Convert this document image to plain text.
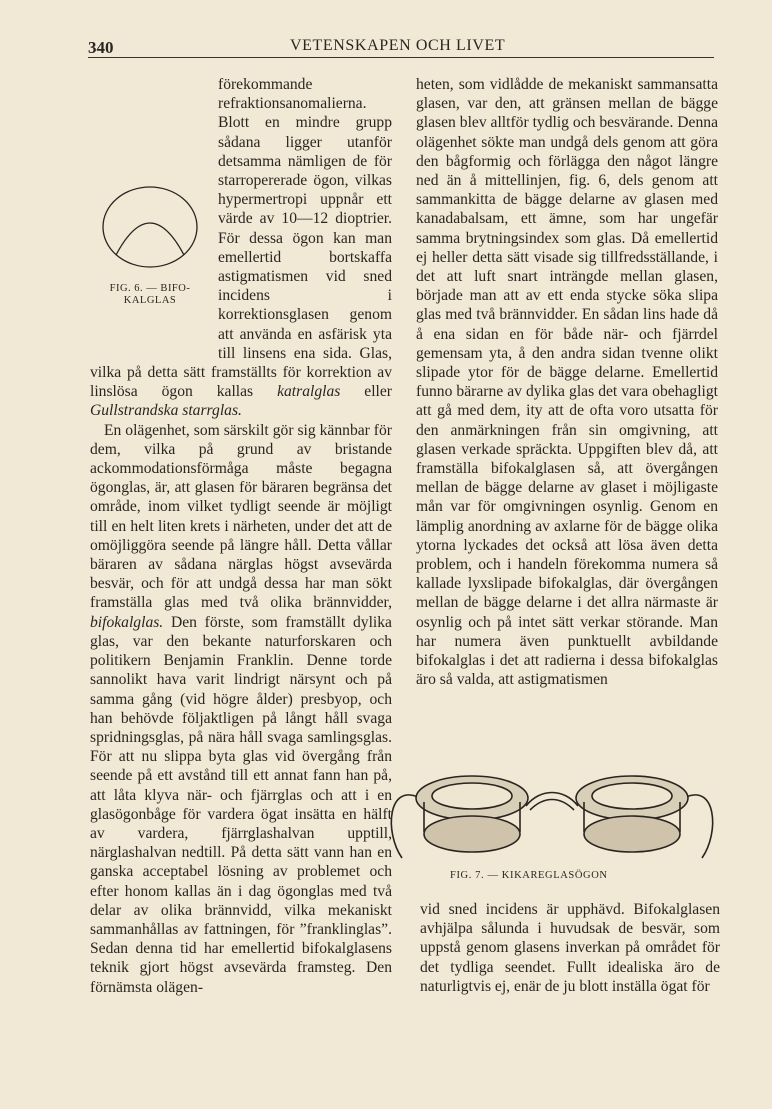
340	VETENSKAPEN OCH LIVET

FIG. 6. — BIFO-
KALGLAS
förekommande refraktionsanomalierna. Blott en mindre grupp sådana ligger utanför detsamma nämligen de för starropererade ögon, vilkas hypermertropi uppnår ett värde av 10—12 dioptrier. För dessa ögon kan man emellertid bortskaffa astigmatismen vid sned incidens i korrektionsglasen genom att använda en asfärisk yta till linsens ena sida. Glas, vilka på detta sätt framställts för korrektion av linslösa ögon kallas katralglas eller Gullstrandska starrglas.

En olägenhet, som särskilt gör sig kännbar för dem, vilka på grund av bristande ackommodationsförmåga måste begagna ögonglas, är, att glasen för bäraren begränsa det område, inom vilket tydligt seende är möjligt till en helt liten krets i närheten, under det att de omöjliggöra seende på längre håll. Detta vållar bäraren av sådana närglas högst avsevärda besvär, och för att undgå dessa har man sökt framställa glas med två olika brännvidder, bifokalglas. Den förste, som framställt dylika glas, var den bekante naturforskaren och politikern Benjamin Franklin. Denne torde sannolikt hava varit lindrigt närsynt och på samma gång (vid högre ålder) presbyop, och han behövde följaktligen på långt håll svaga spridningsglas, på nära håll svaga samlingsglas. För att nu slippa byta glas vid övergång från seende på ett avstånd till ett annat fann han på, att låta klyva när- och fjärrglas och att i en glasögonbåge för vardera ögat insätta en hälft av vardera, fjärrglashalvan upptill, närglashalvan nedtill. På detta sätt vann han en ganska acceptabel lösning av problemet och efter honom kallas än i dag ögonglas med två delar av olika brännvidd, vilka mekaniskt sammanhållas av fattningen, för ”franklinglas”. Sedan denna tid har emellertid bifokalglasens teknik gjort högst avsevärda framsteg. Den förnämsta olägen-

heten, som vidlådde de mekaniskt sammansatta glasen, var den, att gränsen mellan de bägge glasen blev alltför tydlig och besvärande. Denna olägenhet sökte man undgå dels genom att göra den bågformig och förlägga den något längre ned än å mittellinjen, fig. 6, dels genom att sammankitta de bägge delarne av glasen med kanadabalsam, ett ämne, som har ungefär samma brytningsindex som glas. Då emellertid ej heller detta sätt visade sig tillfredsställande, i det att luft snart inträngde mellan glasen, började man att av ett enda stycke söka slipa glas med två brännvidder. En sådan lins hade då å ena sidan en för både när- och fjärrdel gemensam yta, å den andra sidan tvenne olikt slipade ytor för de bägge delarne. Emellertid funno bärarne av dylika glas det vara obehagligt att gå med dem, ity att de ofta voro utsatta för den anmärkningen från sin omgivning, att glasen verkade spräckta. Uppgiften blev då, att framställa bifokalglasen så, att övergången mellan de bägge delarne av glaset i möjligaste mån var för omgivningen osynlig. Genom en lämplig anordning av axlarne för de bägge olika ytorna lyckades det också att lösa även detta problem, och i handeln förekomma numera så kallade lyxslipade bifokalglas, där övergången mellan de bägge delarne i det allra närmaste är osynlig och på intet sätt verkar störande. Man har numera även punktuellt avbildande bifokalglas i det att radierna i dessa bifokalglas äro så valda, att astigmatismen

FIG. 7. — KIKAREGLASÖGON

vid sned incidens är upphävd. Bifokalglasen avhjälpa sålunda i huvudsak de besvär, som uppstå genom glasens inverkan på området för det tydliga seendet. Fullt idealiska äro de naturligtvis ej, enär de ju blott inställa ögat för
